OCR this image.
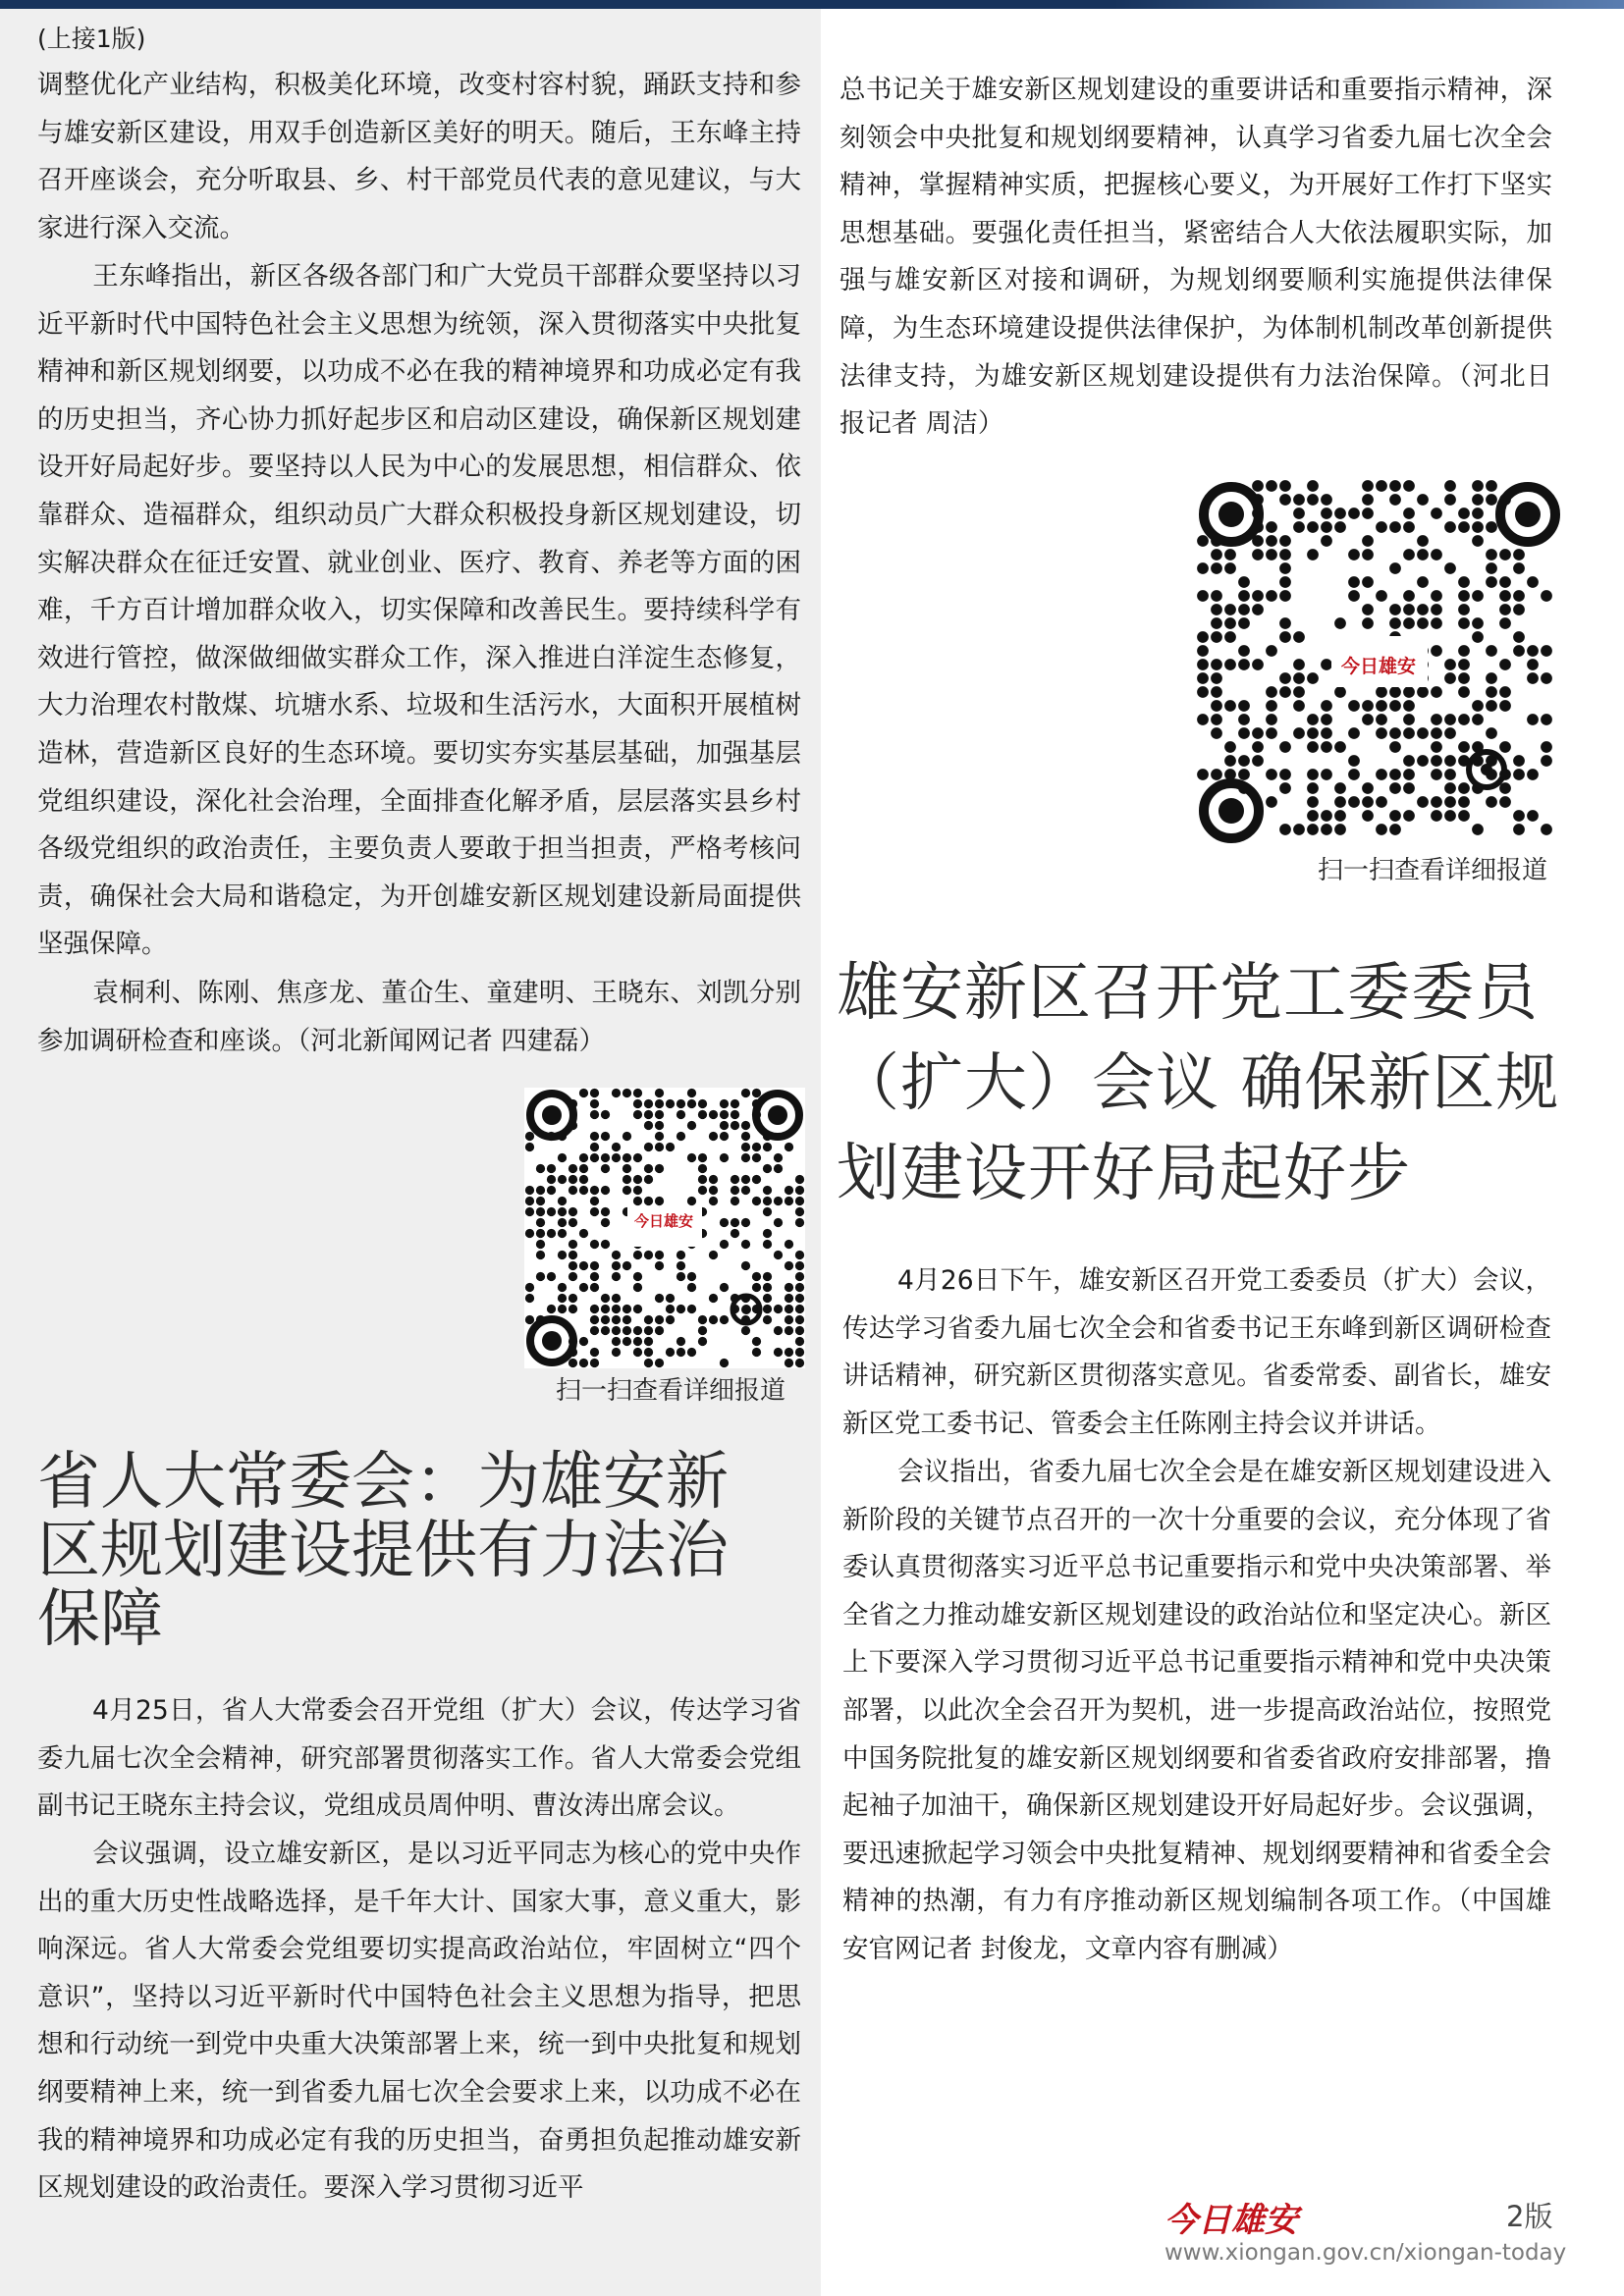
(上接1版)

调整优化产业结构，积极美化环境，改变村容村貌，踊跃支持和参与雄安新区建设，用双手创造新区美好的明天。随后，王东峰主持召开座谈会，充分听取县、乡、村干部党员代表的意见建议，与大家进行深入交流。

王东峰指出，新区各级各部门和广大党员干部群众要坚持以习近平新时代中国特色社会主义思想为统领，深入贯彻落实中央批复精神和新区规划纲要，以功成不必在我的精神境界和功成必定有我的历史担当，齐心协力抓好起步区和启动区建设，确保新区规划建设开好局起好步。要坚持以人民为中心的发展思想，相信群众、依靠群众、造福群众，组织动员广大群众积极投身新区规划建设，切实解决群众在征迁安置、就业创业、医疗、教育、养老等方面的困难，千方百计增加群众收入，切实保障和改善民生。要持续科学有效进行管控，做深做细做实群众工作，深入推进白洋淀生态修复，大力治理农村散煤、坑塘水系、垃圾和生活污水，大面积开展植树造林，营造新区良好的生态环境。要切实夯实基层基础，加强基层党组织建设，深化社会治理，全面排查化解矛盾，层层落实县乡村各级党组织的政治责任，主要负责人要敢于担当担责，严格考核问责，确保社会大局和谐稳定，为开创雄安新区规划建设新局面提供坚强保障。

袁桐利、陈刚、焦彦龙、董仚生、童建明、王晓东、刘凯分别参加调研检查和座谈。（河北新闻网记者 四建磊）

今日雄安
扫一扫查看详细报道
省人大常委会：为雄安新区规划建设提供有力法治保障

4月25日，省人大常委会召开党组（扩大）会议，传达学习省委九届七次全会精神，研究部署贯彻落实工作。省人大常委会党组副书记王晓东主持会议，党组成员周仲明、曹汝涛出席会议。

会议强调，设立雄安新区，是以习近平同志为核心的党中央作出的重大历史性战略选择，是千年大计、国家大事，意义重大，影响深远。省人大常委会党组要切实提高政治站位，牢固树立“四个意识”，坚持以习近平新时代中国特色社会主义思想为指导，把思想和行动统一到党中央重大决策部署上来，统一到中央批复和规划纲要精神上来，统一到省委九届七次全会要求上来，以功成不必在我的精神境界和功成必定有我的历史担当，奋勇担负起推动雄安新区规划建设的政治责任。要深入学习贯彻习近平

总书记关于雄安新区规划建设的重要讲话和重要指示精神，深刻领会中央批复和规划纲要精神，认真学习省委九届七次全会精神，掌握精神实质，把握核心要义，为开展好工作打下坚实思想基础。要强化责任担当，紧密结合人大依法履职实际，加强与雄安新区对接和调研，为规划纲要顺利实施提供法律保障，为生态环境建设提供法律保护，为体制机制改革创新提供法律支持，为雄安新区规划建设提供有力法治保障。（河北日报记者 周洁）

今日雄安
扫一扫查看详细报道
雄安新区召开党工委委员（扩大）会议 确保新区规划建设开好局起好步

4月26日下午，雄安新区召开党工委委员（扩大）会议，传达学习省委九届七次全会和省委书记王东峰到新区调研检查讲话精神，研究新区贯彻落实意见。省委常委、副省长，雄安新区党工委书记、管委会主任陈刚主持会议并讲话。

会议指出，省委九届七次全会是在雄安新区规划建设进入新阶段的关键节点召开的一次十分重要的会议，充分体现了省委认真贯彻落实习近平总书记重要指示和党中央决策部署、举全省之力推动雄安新区规划建设的政治站位和坚定决心。新区上下要深入学习贯彻习近平总书记重要指示精神和党中央决策部署，以此次全会召开为契机，进一步提高政治站位，按照党中国务院批复的雄安新区规划纲要和省委省政府安排部署，撸起袖子加油干，确保新区规划建设开好局起好步。会议强调，要迅速掀起学习领会中央批复精神、规划纲要精神和省委全会精神的热潮，有力有序推动新区规划编制各项工作。（中国雄安官网记者 封俊龙，文章内容有删减）

今日雄安	2版
www.xiongan.gov.cn/xiongan-today
